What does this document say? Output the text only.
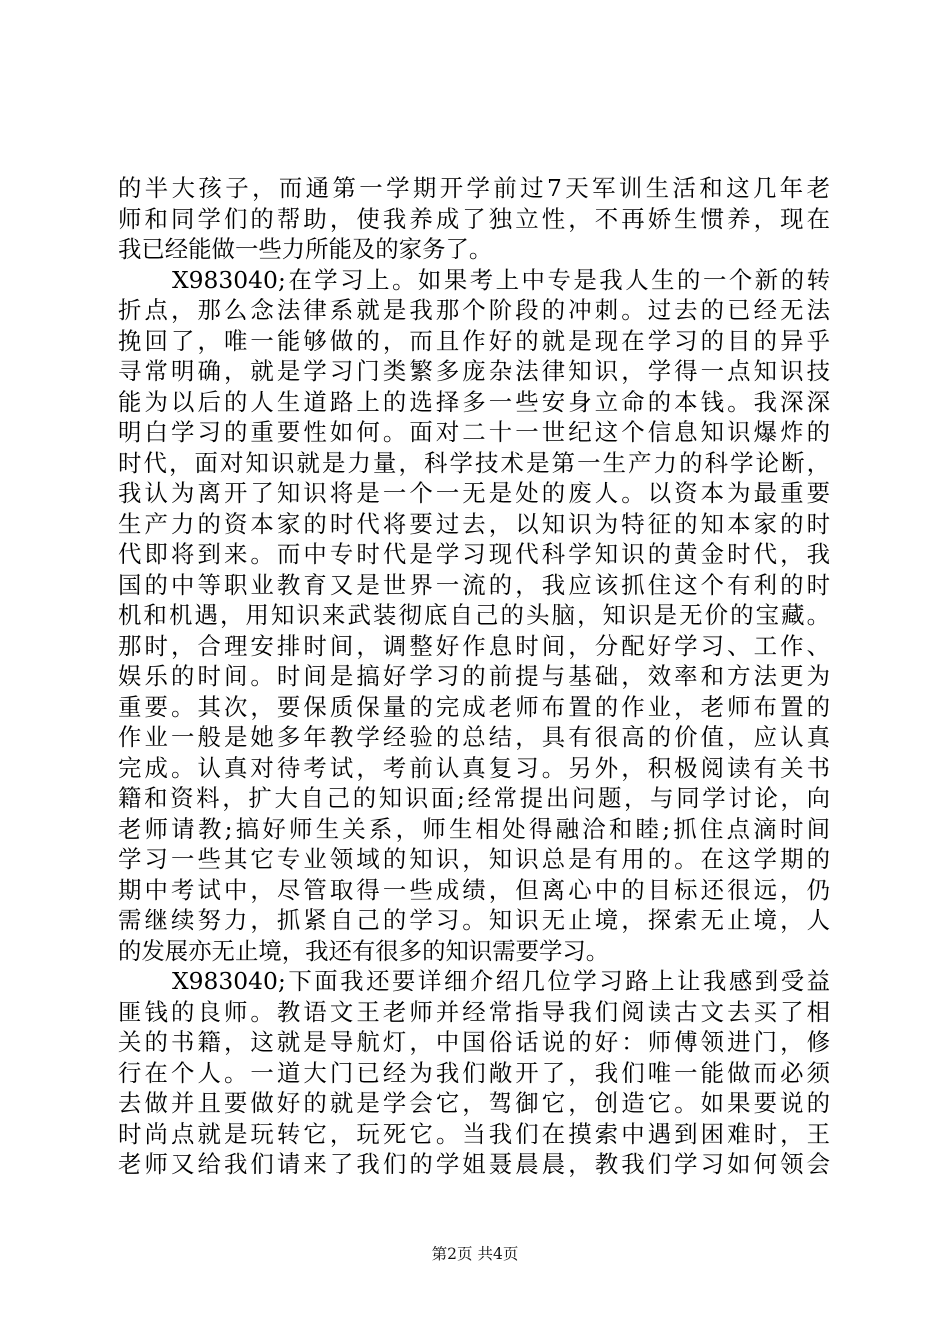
的半大孩子，而通第一学期开学前过7天军训生活和这几年老
师和同学们的帮助，使我养成了独立性，不再娇生惯养，现在
我已经能做一些力所能及的家务了。
X983040;在学习上。如果考上中专是我人生的一个新的转
折点，那么念法律系就是我那个阶段的冲刺。过去的已经无法
挽回了，唯一能够做的，而且作好的就是现在学习的目的异乎
寻常明确，就是学习门类繁多庞杂法律知识，学得一点知识技
能为以后的人生道路上的选择多一些安身立命的本钱。我深深
明白学习的重要性如何。面对二十一世纪这个信息知识爆炸的
时代，面对知识就是力量，科学技术是第一生产力的科学论断，
我认为离开了知识将是一个一无是处的废人。以资本为最重要
生产力的资本家的时代将要过去，以知识为特征的知本家的时
代即将到来。而中专时代是学习现代科学知识的黄金时代，我
国的中等职业教育又是世界一流的，我应该抓住这个有利的时
机和机遇，用知识来武装彻底自己的头脑，知识是无价的宝藏。
那时，合理安排时间，调整好作息时间，分配好学习、工作、
娱乐的时间。时间是搞好学习的前提与基础，效率和方法更为
重要。其次，要保质保量的完成老师布置的作业，老师布置的
作业一般是她多年教学经验的总结，具有很高的价值，应认真
完成。认真对待考试，考前认真复习。另外，积极阅读有关书
籍和资料，扩大自己的知识面;经常提出问题，与同学讨论，向
老师请教;搞好师生关系，师生相处得融洽和睦;抓住点滴时间
学习一些其它专业领域的知识，知识总是有用的。在这学期的
期中考试中，尽管取得一些成绩，但离心中的目标还很远，仍
需继续努力，抓紧自己的学习。知识无止境，探索无止境，人
的发展亦无止境，我还有很多的知识需要学习。
X983040;下面我还要详细介绍几位学习路上让我感到受益
匪钱的良师。教语文王老师并经常指导我们阅读古文去买了相
关的书籍，这就是导航灯，中国俗话说的好：师傅领进门，修
行在个人。一道大门已经为我们敞开了，我们唯一能做而必须
去做并且要做好的就是学会它，驾御它，创造它。如果要说的
时尚点就是玩转它，玩死它。当我们在摸索中遇到困难时，王
老师又给我们请来了我们的学姐聂晨晨，教我们学习如何领会
第2页 共4页
